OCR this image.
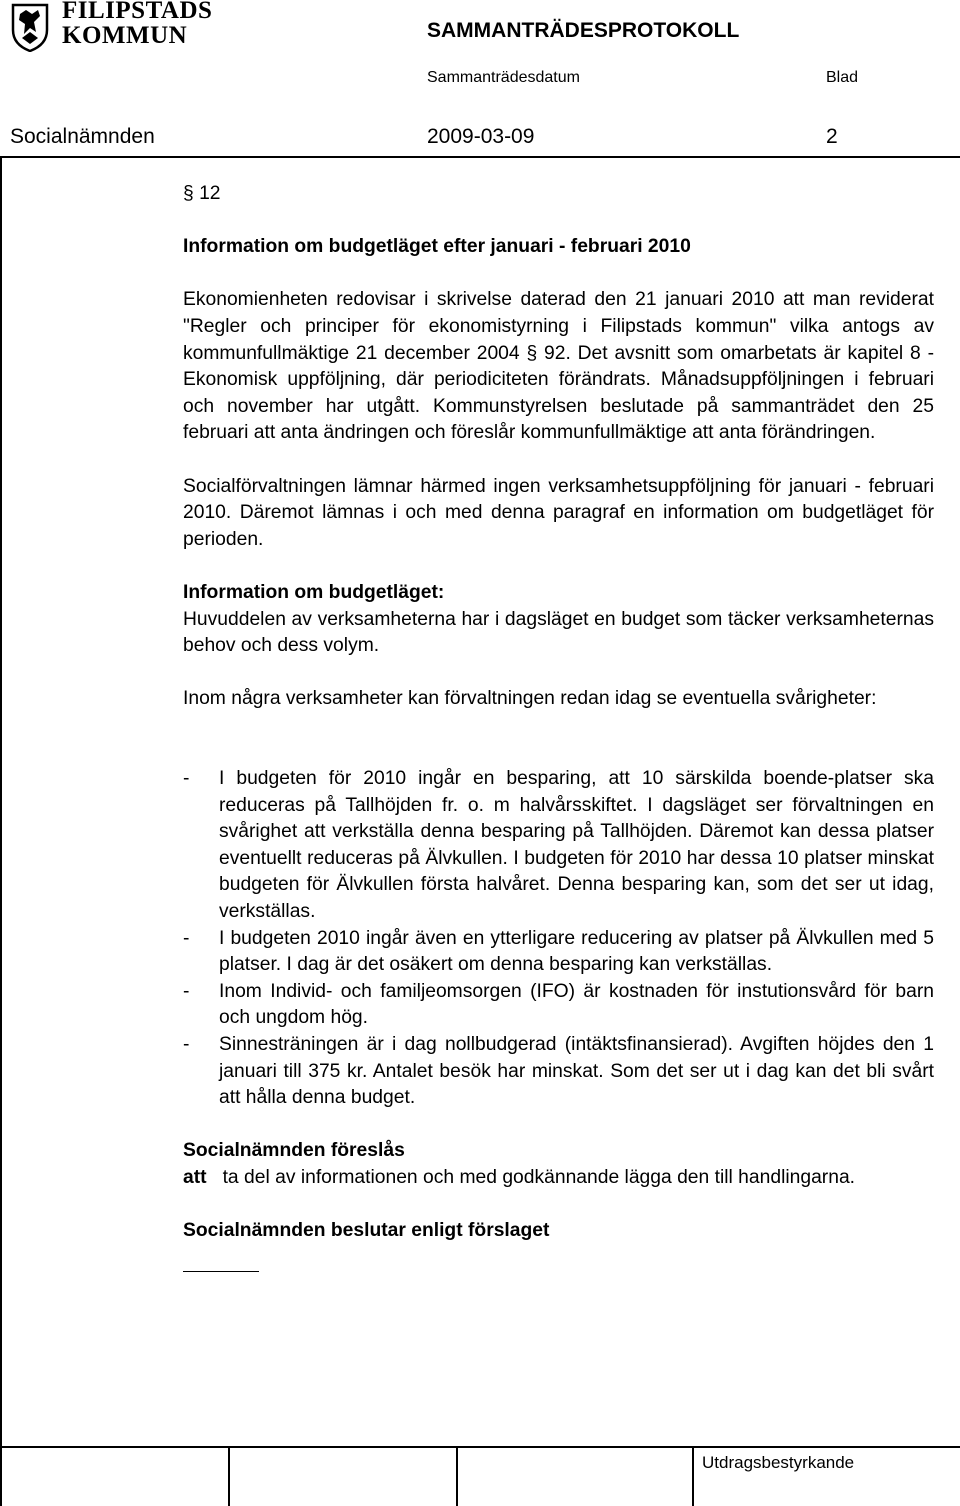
FILIPSTADS
KOMMUN	SAMMANTRÄDESPROTOKOLL
Sammanträdesdatum	Blad
Socialnämnden	2009-03-09	2

§ 12

Information om budgetläget efter januari - februari 2010

Ekonomienheten redovisar i skrivelse daterad den 21 januari 2010 att man reviderat "Regler och principer för ekonomistyrning i Filipstads kommun" vilka antogs av kommunfullmäktige 21 december 2004 § 92. Det avsnitt som omarbetats är kapitel 8 - Ekonomisk uppföljning, där periodiciteten förändrats. Månadsuppföljningen i februari och november har utgått. Kommunstyrelsen beslutade på sammanträdet den 25 februari att anta ändringen och föreslår kommunfullmäktige att anta förändringen.

Socialförvaltningen lämnar härmed ingen verksamhetsuppföljning för januari - februari 2010. Däremot lämnas i och med denna paragraf en information om budgetläget för perioden.

Information om budgetläget:

Huvuddelen av verksamheterna har i dagsläget en budget som täcker verksamheternas behov och dess volym.

Inom några verksamheter kan förvaltningen redan idag se eventuella svårigheter:

- I budgeten för 2010 ingår en besparing, att 10 särskilda boende-platser ska reduceras på Tallhöjden fr. o. m halvårsskiftet. I dagsläget ser förvaltningen en svårighet att verkställa denna besparing på Tallhöjden. Däremot kan dessa platser eventuellt reduceras på Älvkullen. I budgeten för 2010 har dessa 10 platser minskat budgeten för Älvkullen första halvåret. Denna besparing kan, som det ser ut idag, verkställas.
- I budgeten 2010 ingår även en ytterligare reducering av platser på Älvkullen med 5 platser. I dag är det osäkert om denna besparing kan verkställas.
- Inom Individ- och familjeomsorgen (IFO) är kostnaden för instutionsvård för barn och ungdom hög.
- Sinnesträningen är i dag nollbudgerad (intäktsfinansierad). Avgiften höjdes den 1 januari till 375 kr. Antalet besök har minskat. Som det ser ut i dag kan det bli svårt att hålla denna budget.

Socialnämnden föreslås

att ta del av informationen och med godkännande lägga den till handlingarna.

Socialnämnden beslutar enligt förslaget

Utdragsbestyrkande
